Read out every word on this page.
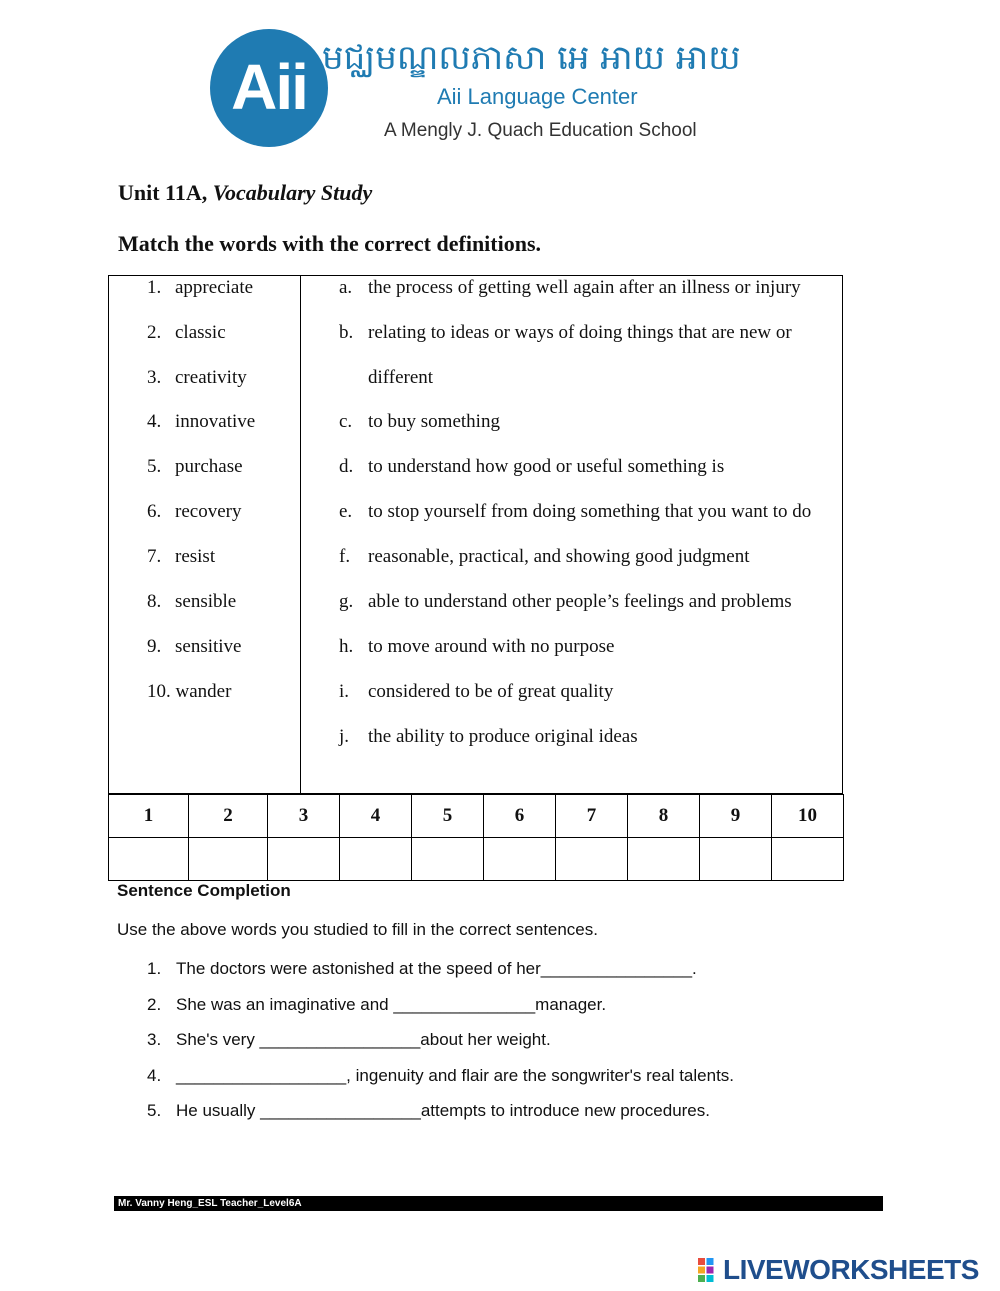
Aii មជ្ឈមណ្ឌលភាសា អេ អាយ អាយ
Aii Language Center
A Mengly J. Quach Education School
Unit 11A, Vocabulary Study
Match the words with the correct definitions.
1. appreciate
2. classic
3. creativity
4. innovative
5. purchase
6. recovery
7. resist
8. sensible
9. sensitive
10. wander
a. the process of getting well again after an illness or injury
b. relating to ideas or ways of doing things that are new or
different
c. to buy something
d. to understand how good or useful something is
e. to stop yourself from doing something that you want to do
f. reasonable, practical, and showing good judgment
g. able to understand other people’s feelings and problems
h. to move around with no purpose
i. considered to be of great quality
j. the ability to produce original ideas
1	2	3	4	5	6	7	8	9	10

Sentence Completion
Use the above words you studied to fill in the correct sentences.
1. The doctors were astonished at the speed of her________________.
2. She was an imaginative and _______________manager.
3. She's very _________________about her weight.
4. __________________, ingenuity and flair are the songwriter's real talents.
5. He usually _________________attempts to introduce new procedures.
Mr. Vanny Heng_ESL Teacher_Level6A
LIVEWORKSHEETS
